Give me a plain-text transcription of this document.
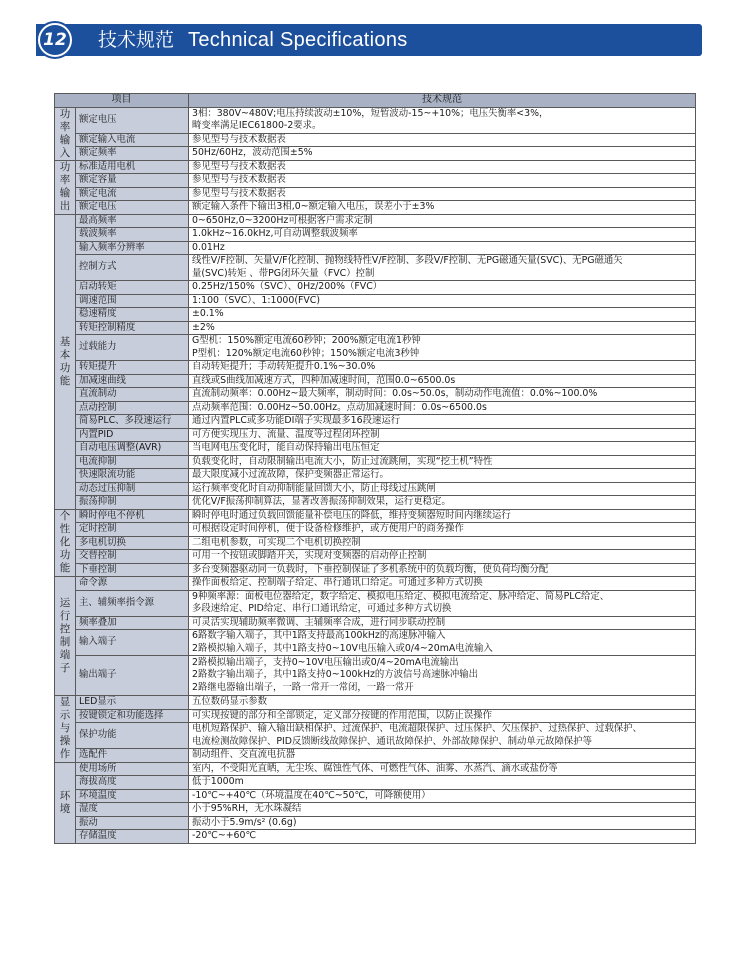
12 技术规范 Technical Specifications
项目		技术规范
功率输入	额定电压	3相：380V~480V;电压持续波动±10%，短暂波动-15~+10%；电压失衡率<3%，
畸变率满足IEC61800-2要求。

	额定输入电流	参见型号与技术数据表

	额定频率	50Hz/60Hz，波动范围±5%

功率输出	标准适用电机	参见型号与技术数据表

	额定容量	参见型号与技术数据表

	额定电流	参见型号与技术数据表

	额定电压	额定输入条件下输出3相,0~额定输入电压，误差小于±3%

基本功能	最高频率	0~650Hz,0~3200Hz可根据客户需求定制

	载波频率	1.0kHz~16.0kHz,可自动调整载波频率

	输入频率分辨率	0.01Hz

	控制方式	线性V/F控制、矢量V/F化控制、抛物线特性V/F控制、多段V/F控制、无PG磁通矢量(SVC)、无PG磁通矢
量(SVC)转矩 、带PG闭环矢量（FVC）控制

	启动转矩	0.25Hz/150%（SVC）、0Hz/200%（FVC）

	调速范围	1:100（SVC）、1:1000(FVC)

	稳速精度	±0.1%

	转矩控制精度	±2%

	过载能力	G型机：150%额定电流60秒钟；200%额定电流1秒钟
P型机：120%额定电流60秒钟；150%额定电流3秒钟

	转矩提升	自动转矩提升；手动转矩提升0.1%~30.0%

	加减速曲线	直线或S曲线加减速方式，四种加减速时间，范围0.0~6500.0s

	直流制动	直流制动频率：0.00Hz~最大频率，制动时间：0.0s~50.0s，制动动作电流值：0.0%~100.0%

	点动控制	点动频率范围：0.00Hz~50.00Hz。点动加减速时间：0.0s~6500.0s

	简易PLC、多段速运行	通过内置PLC或多功能DI端子实现最多16段速运行

	内置PID	可方便实现压力、流量、温度等过程闭环控制

	自动电压调整(AVR)	当电网电压变化时，能自动保持输出电压恒定

	电流抑制	负载变化时，自动限制输出电流大小，防止过流跳闸，实现“挖土机”特性

	快速限流功能	最大限度减小过流故障，保护变频器正常运行。

	动态过压抑制	运行频率变化时自动抑制能量回馈大小，防止母线过压跳闸

	振荡抑制	优化V/F振荡抑制算法，显著改善振荡抑制效果，运行更稳定。

个性化功能	瞬时停电不停机	瞬时停电时通过负载回馈能量补偿电压的降低，维持变频器短时间内继续运行

	定时控制	可根据设定时间停机，便于设备检修维护，或方便用户的商务操作

	多电机切换	二组电机参数，可实现二个电机切换控制

	交替控制	可用一个按钮或脚踏开关，实现对变频器的启动停止控制

	下垂控制	多台变频器驱动同一负载时，下垂控制保证了多机系统中的负载均衡，使负荷均衡分配

运行控制端子	命令源	操作面板给定、控制端子给定、串行通讯口给定。可通过多种方式切换

	主、辅频率指令源	9种频率源：面板电位器给定，数字给定、模拟电压给定、模拟电流给定、脉冲给定、简易PLC给定、
多段速给定、PID给定、串行口通讯给定，可通过多种方式切换

	频率叠加	可灵活实现辅助频率微调、主辅频率合成，进行同步联动控制

	输入端子	6路数字输入端子，其中1路支持最高100kHz的高速脉冲输入
2路模拟输入端子，其中1路支持0~10V电压输入或0/4~20mA电流输入

	输出端子	2路模拟输出端子，支持0~10V电压输出或0/4~20mA电流输出
2路数字输出端子，其中1路支持0~100kHz的方波信号高速脉冲输出
2路继电器输出端子，一路一常开一常闭，一路一常开

显示与操作	LED显示	五位数码显示参数

	按键锁定和功能选择	可实现按键的部分和全部锁定，定义部分按键的作用范围，以防止误操作

	保护功能	电机短路保护、输入输出缺相保护、过流保护、电流超限保护、过压保护、欠压保护、过热保护、过载保护、
电流检测故障保护、PID反馈断线故障保护、通讯故障保护、外部故障保护、制动单元故障保护等

	选配件	制动组件、交直流电抗器

环境	使用场所	室内，不受阳光直晒，无尘埃、腐蚀性气体、可燃性气体、油雾、水蒸汽、滴水或盐份等

	海拔高度	低于1000m

	环境温度	-10℃~+40℃（环境温度在40℃~50℃，可降额使用）

	湿度	小于95%RH，无水珠凝结

	振动	振动小于5.9m/s² (0.6g)

	存储温度	-20℃~+60℃
